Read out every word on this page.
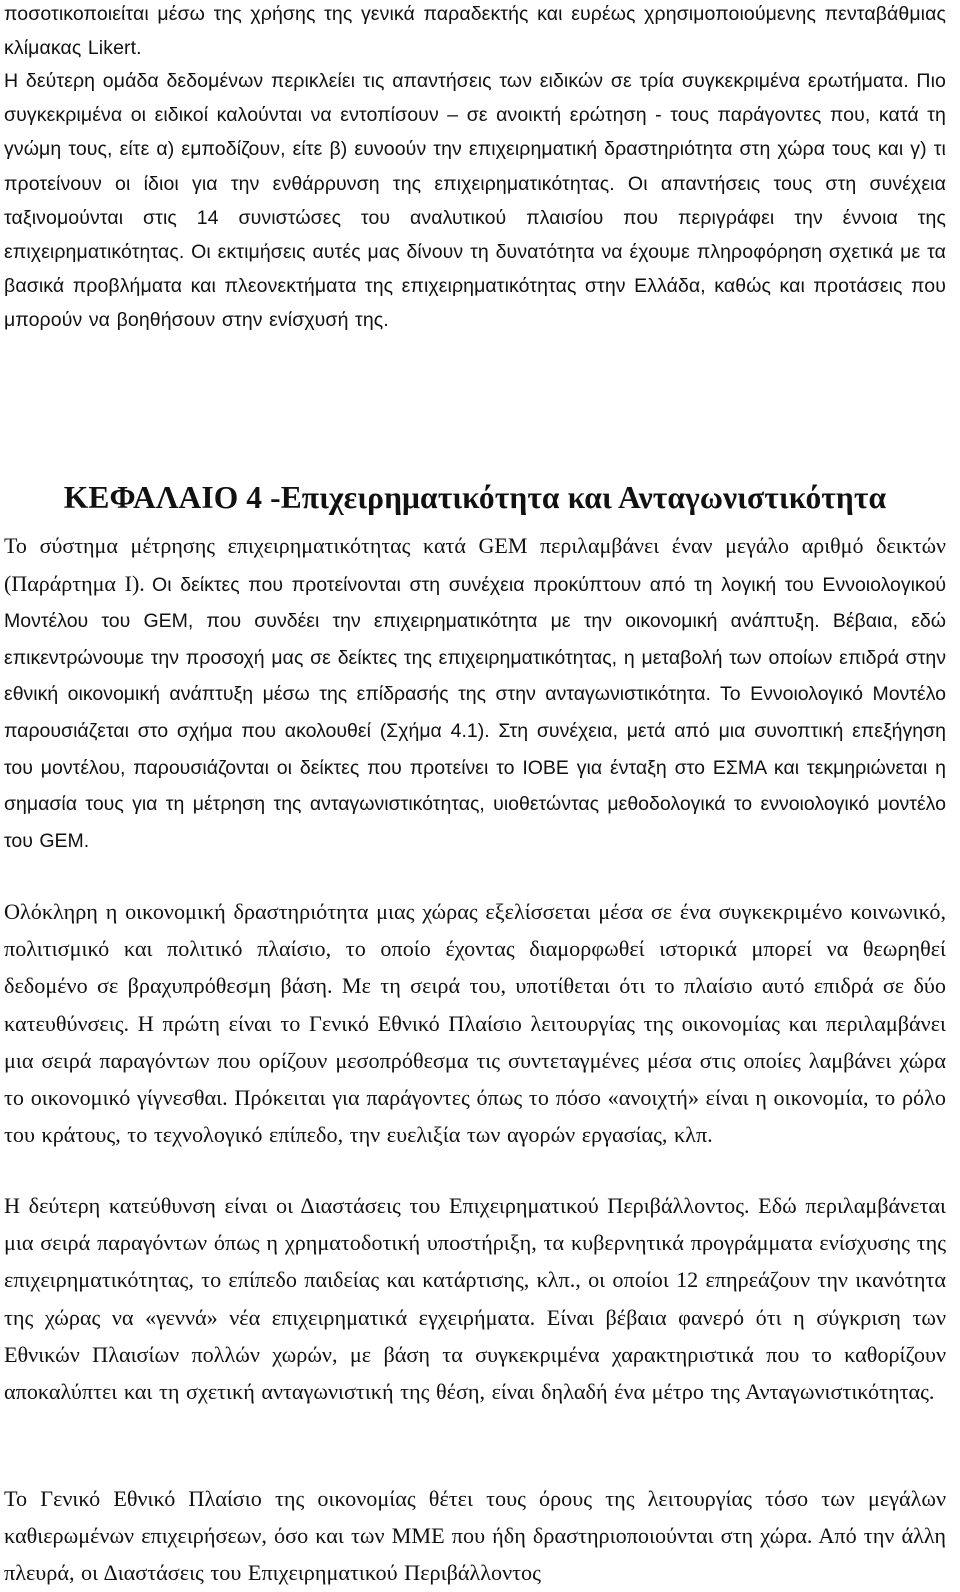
ποσοτικοποιείται μέσω της χρήσης της γενικά παραδεκτής και ευρέως χρησιμοποιούμενης πενταβάθμιας κλίμακας Likert.

Η δεύτερη ομάδα δεδομένων περικλείει τις απαντήσεις των ειδικών σε τρία συγκεκριμένα ερωτήματα. Πιο συγκεκριμένα οι ειδικοί καλούνται να εντοπίσουν – σε ανοικτή ερώτηση - τους παράγοντες που, κατά τη γνώμη τους, είτε α) εμποδίζουν, είτε β) ευνοούν την επιχειρηματική δραστηριότητα στη χώρα τους και γ) τι προτείνουν οι ίδιοι για την ενθάρρυνση της επιχειρηματικότητας. Οι απαντήσεις τους στη συνέχεια ταξινομούνται στις 14 συνιστώσες του αναλυτικού πλαισίου που περιγράφει την έννοια της επιχειρηματικότητας. Οι εκτιμήσεις αυτές μας δίνουν τη δυνατότητα να έχουμε πληροφόρηση σχετικά με τα βασικά προβλήματα και πλεονεκτήματα της επιχειρηματικότητας στην Ελλάδα, καθώς και προτάσεις που μπορούν να βοηθήσουν στην ενίσχυσή της.

ΚΕΦΑΛΑΙΟ 4 -Επιχειρηματικότητα και Ανταγωνιστικότητα

Το σύστημα μέτρησης επιχειρηματικότητας κατά GEM περιλαμβάνει έναν μεγάλο αριθμό δεικτών (Παράρτημα Ι). Οι δείκτες που προτείνονται στη συνέχεια προκύπτουν από τη λογική του Εννοιολογικού Μοντέλου του GEM, που συνδέει την επιχειρηματικότητα με την οικονομική ανάπτυξη. Βέβαια, εδώ επικεντρώνουμε την προσοχή μας σε δείκτες της επιχειρηματικότητας, η μεταβολή των οποίων επιδρά στην εθνική οικονομική ανάπτυξη μέσω της επίδρασής της στην ανταγωνιστικότητα. Το Εννοιολογικό Μοντέλο παρουσιάζεται στο σχήμα που ακολουθεί (Σχήμα 4.1). Στη συνέχεια, μετά από μια συνοπτική επεξήγηση του μοντέλου, παρουσιάζονται οι δείκτες που προτείνει το ΙΟΒΕ για ένταξη στο ΕΣΜΑ και τεκμηριώνεται η σημασία τους για τη μέτρηση της ανταγωνιστικότητας, υιοθετώντας μεθοδολογικά το εννοιολογικό μοντέλο του GEM.

Ολόκληρη η οικονομική δραστηριότητα μιας χώρας εξελίσσεται μέσα σε ένα συγκεκριμένο κοινωνικό, πολιτισμικό και πολιτικό πλαίσιο, το οποίο έχοντας διαμορφωθεί ιστορικά μπορεί να θεωρηθεί δεδομένο σε βραχυπρόθεσμη βάση. Με τη σειρά του, υποτίθεται ότι το πλαίσιο αυτό επιδρά σε δύο κατευθύνσεις. Η πρώτη είναι το Γενικό Εθνικό Πλαίσιο λειτουργίας της οικονομίας και περιλαμβάνει μια σειρά παραγόντων που ορίζουν μεσοπρόθεσμα τις συντεταγμένες μέσα στις οποίες λαμβάνει χώρα το οικονομικό γίγνεσθαι. Πρόκειται για παράγοντες όπως το πόσο «ανοιχτή» είναι η οικονομία, το ρόλο του κράτους, το τεχνολογικό επίπεδο, την ευελιξία των αγορών εργασίας, κλπ.

Η δεύτερη κατεύθυνση είναι οι Διαστάσεις του Επιχειρηματικού Περιβάλλοντος. Εδώ περιλαμβάνεται μια σειρά παραγόντων όπως η χρηματοδοτική υποστήριξη, τα κυβερνητικά προγράμματα ενίσχυσης της επιχειρηματικότητας, το επίπεδο παιδείας και κατάρτισης, κλπ., οι οποίοι 12 επηρεάζουν την ικανότητα της χώρας να «γεννά» νέα επιχειρηματικά εγχειρήματα. Είναι βέβαια φανερό ότι η σύγκριση των Εθνικών Πλαισίων πολλών χωρών, με βάση τα συγκεκριμένα χαρακτηριστικά που το καθορίζουν αποκαλύπτει και τη σχετική ανταγωνιστική της θέση, είναι δηλαδή ένα μέτρο της Ανταγωνιστικότητας.

Το Γενικό Εθνικό Πλαίσιο της οικονομίας θέτει τους όρους της λειτουργίας τόσο των μεγάλων καθιερωμένων επιχειρήσεων, όσο και των ΜΜΕ που ήδη δραστηριοποιούνται στη χώρα. Από την άλλη πλευρά, οι Διαστάσεις του Επιχειρηματικού Περιβάλλοντος
